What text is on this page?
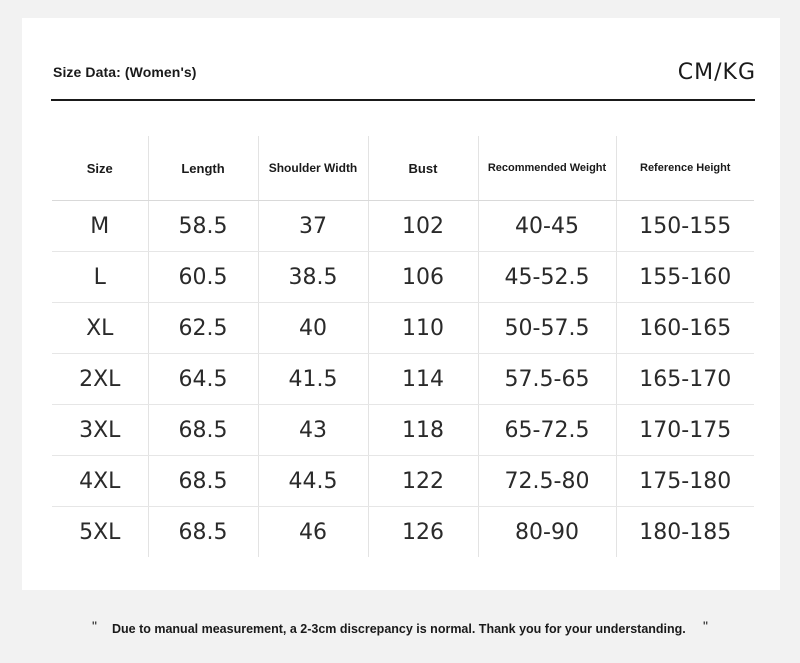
Size Data: (Women's)	CM/KG
Size	Length	Shoulder Width	Bust	Recommended Weight	Reference Height
M	58.5	37	102	40-45	150-155
L	60.5	38.5	106	45-52.5	155-160
XL	62.5	40	110	50-57.5	160-165
2XL	64.5	41.5	114	57.5-65	165-170
3XL	68.5	43	118	65-72.5	170-175
4XL	68.5	44.5	122	72.5-80	175-180
5XL	68.5	46	126	80-90	180-185
" Due to manual measurement, a 2-3cm discrepancy is normal. Thank you for your understanding. "
